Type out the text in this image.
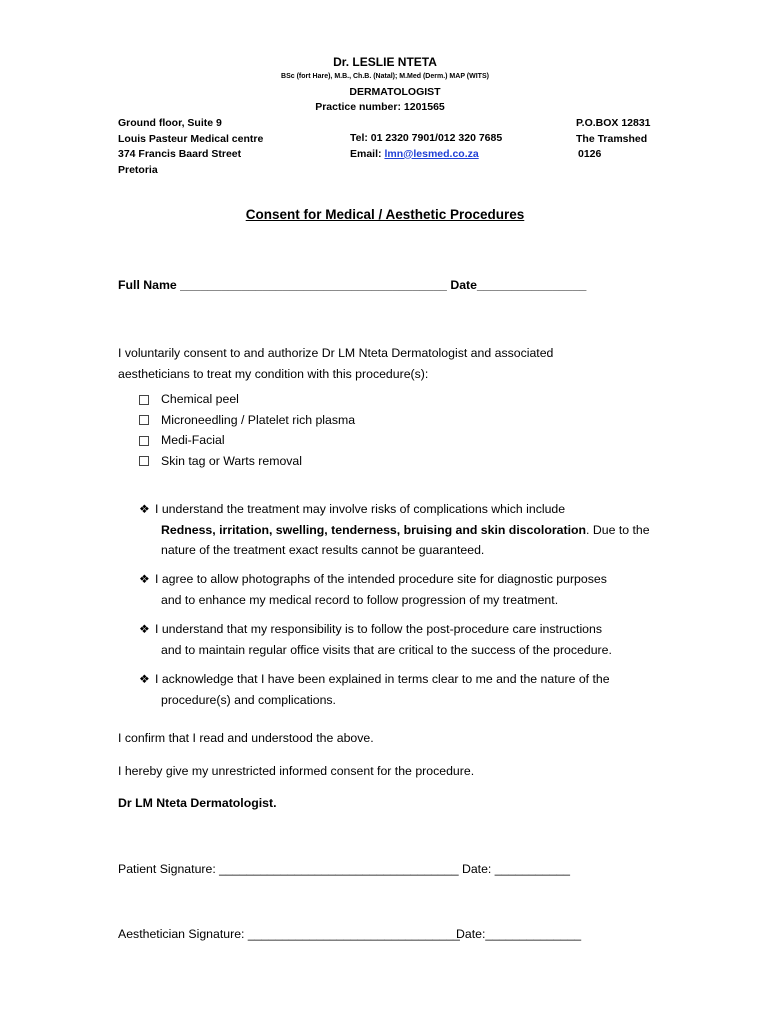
Dr. LESLIE NTETA
BSc (fort Hare), M.B., Ch.B. (Natal); M.Med (Derm.) MAP (WITS)
DERMATOLOGIST
Practice number: 1201565
Ground floor, Suite 9
Louis Pasteur Medical centre
374 Francis Baard Street
Pretoria
Tel: 01 2320 7901/012 320 7685
Email: lmn@lesmed.co.za
P.O.BOX 12831
The Tramshed
0126
Consent for Medical / Aesthetic Procedures
Full Name _______________________________________ Date________________
I voluntarily consent to and authorize Dr LM Nteta Dermatologist and associated
aestheticians to treat my condition with this procedure(s):
Chemical peel
Microneedling / Platelet rich plasma
Medi-Facial
Skin tag or Warts removal
❖ I understand the treatment may involve risks of complications which include
Redness, irritation, swelling, tenderness, bruising and skin discoloration. Due to the
nature of the treatment exact results cannot be guaranteed.
❖ I agree to allow photographs of the intended procedure site for diagnostic purposes
and to enhance my medical record to follow progression of my treatment.
❖ I understand that my responsibility is to follow the post-procedure care instructions
and to maintain regular office visits that are critical to the success of the procedure.
❖ I acknowledge that I have been explained in terms clear to me and the nature of the
procedure(s) and complications.
I confirm that I read and understood the above.
I hereby give my unrestricted informed consent for the procedure.
Dr LM Nteta Dermatologist.
Patient Signature: ___________________________________ Date: ___________
Aesthetician Signature: _______________________________
Date:______________
